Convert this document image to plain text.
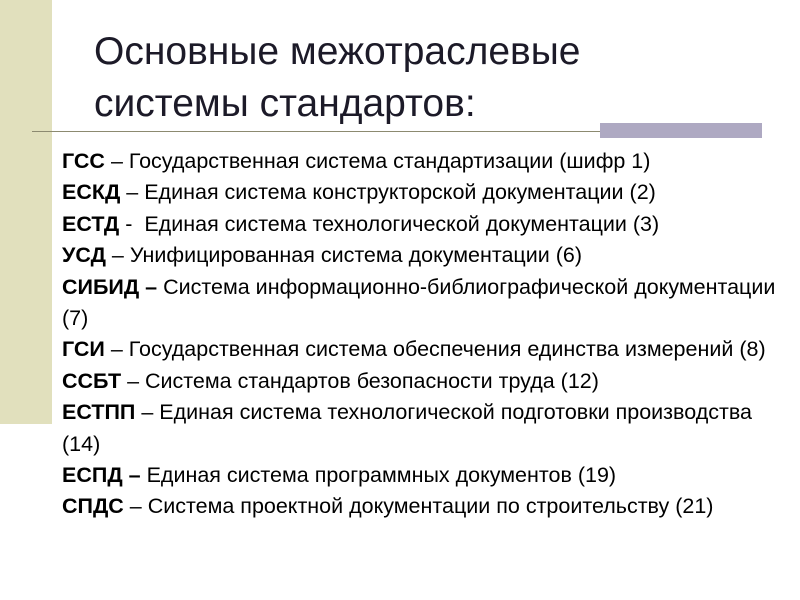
Основные межотраслевые
системы стандартов:
ГСС – Государственная система стандартизации (шифр 1)
ЕСКД – Единая система конструкторской документации (2)
ЕСТД -  Единая система технологической документации (3)
УСД – Унифицированная система документации (6)
СИБИД – Система информационно-библиографической документации (7)
ГСИ – Государственная система обеспечения единства измерений (8)
ССБТ – Система стандартов безопасности труда (12)
ЕСТПП – Единая система технологической подготовки производства (14)
ЕСПД – Единая система программных документов (19)
СПДС – Система проектной документации по строительству (21)
